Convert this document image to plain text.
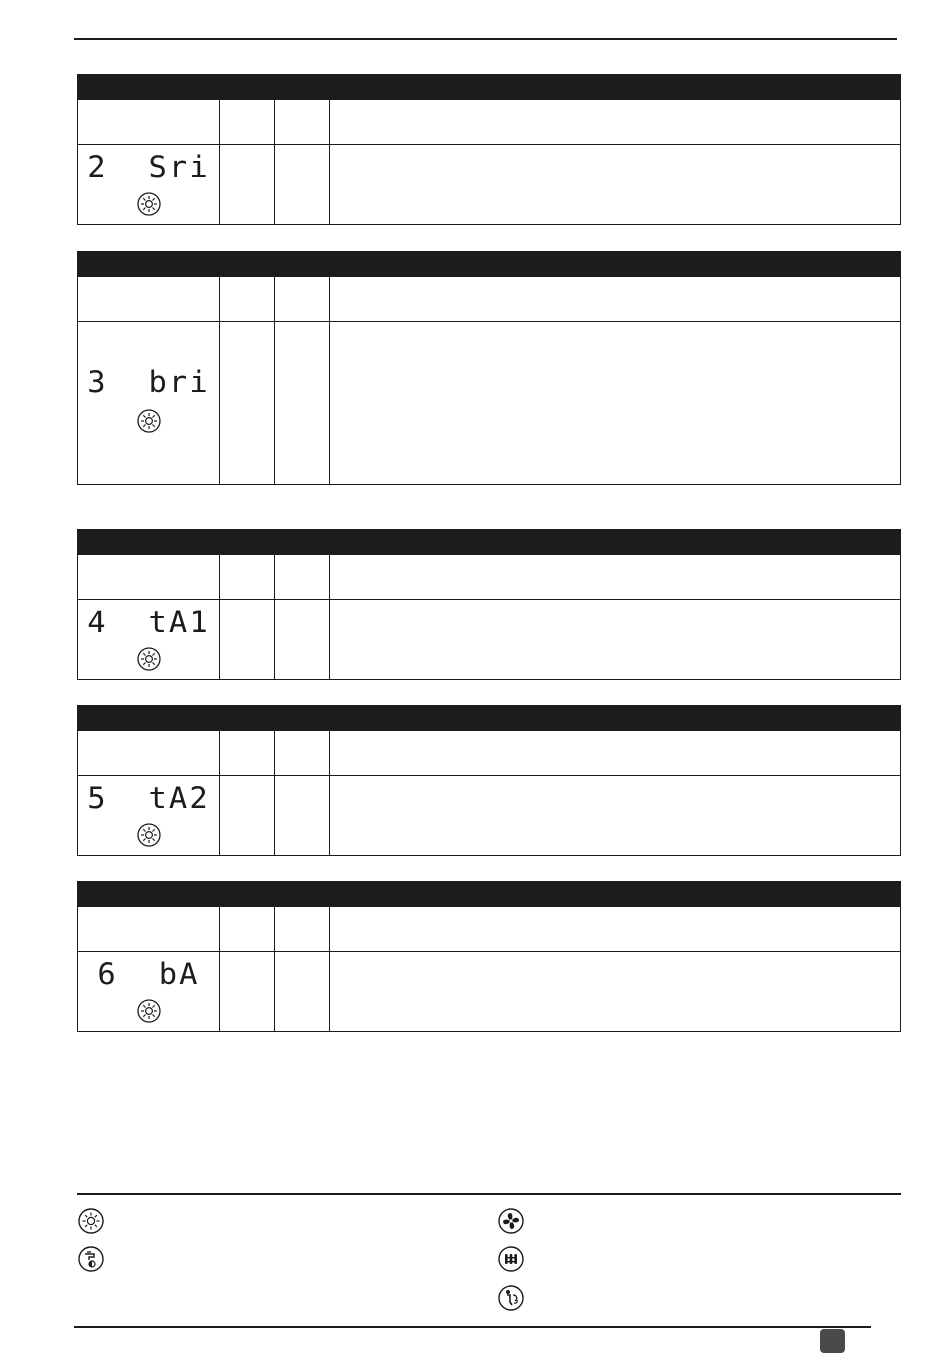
2 Sri			

3 bri			

4 tA1			

5 tA2			

6 bA			
